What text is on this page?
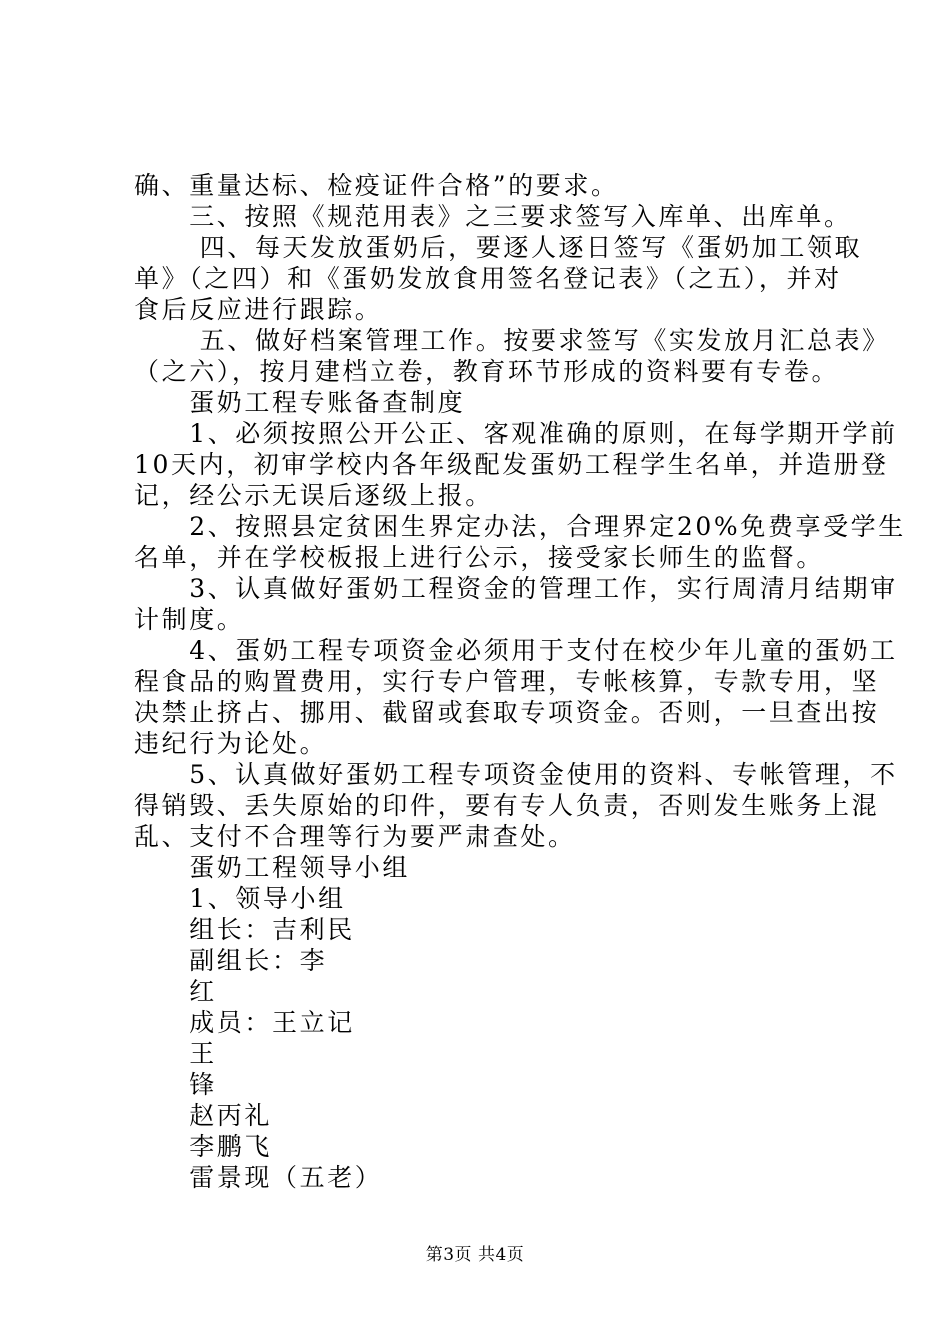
确、重量达标、检疫证件合格”的要求。
　　三、按照《规范用表》之三要求签写入库单、出库单。
　　 四、每天发放蛋奶后，要逐人逐日签写《蛋奶加工领取
单》（之四）和《蛋奶发放食用签名登记表》（之五），并对
食后反应进行跟踪。
　　 五、做好档案管理工作。按要求签写《实发放月汇总表》
（之六），按月建档立卷，教育环节形成的资料要有专卷。
　　蛋奶工程专账备查制度
　　1、必须按照公开公正、客观准确的原则，在每学期开学前
10天内，初审学校内各年级配发蛋奶工程学生名单，并造册登
记，经公示无误后逐级上报。
　　2、按照县定贫困生界定办法，合理界定20%免费享受学生
名单，并在学校板报上进行公示，接受家长师生的监督。
　　3、认真做好蛋奶工程资金的管理工作，实行周清月结期审
计制度。
　　4、蛋奶工程专项资金必须用于支付在校少年儿童的蛋奶工
程食品的购置费用，实行专户管理，专帐核算，专款专用，坚
决禁止挤占、挪用、截留或套取专项资金。否则，一旦查出按
违纪行为论处。
　　5、认真做好蛋奶工程专项资金使用的资料、专帐管理，不
得销毁、丢失原始的印件，要有专人负责，否则发生账务上混
乱、支付不合理等行为要严肃查处。
　　蛋奶工程领导小组
　　1、领导小组
　　组长：吉利民
　　副组长：李
　　红
　　成员：王立记
　　王
　　锋
　　赵丙礼
　　李鹏飞
　　雷景现（五老）
第3页 共4页
